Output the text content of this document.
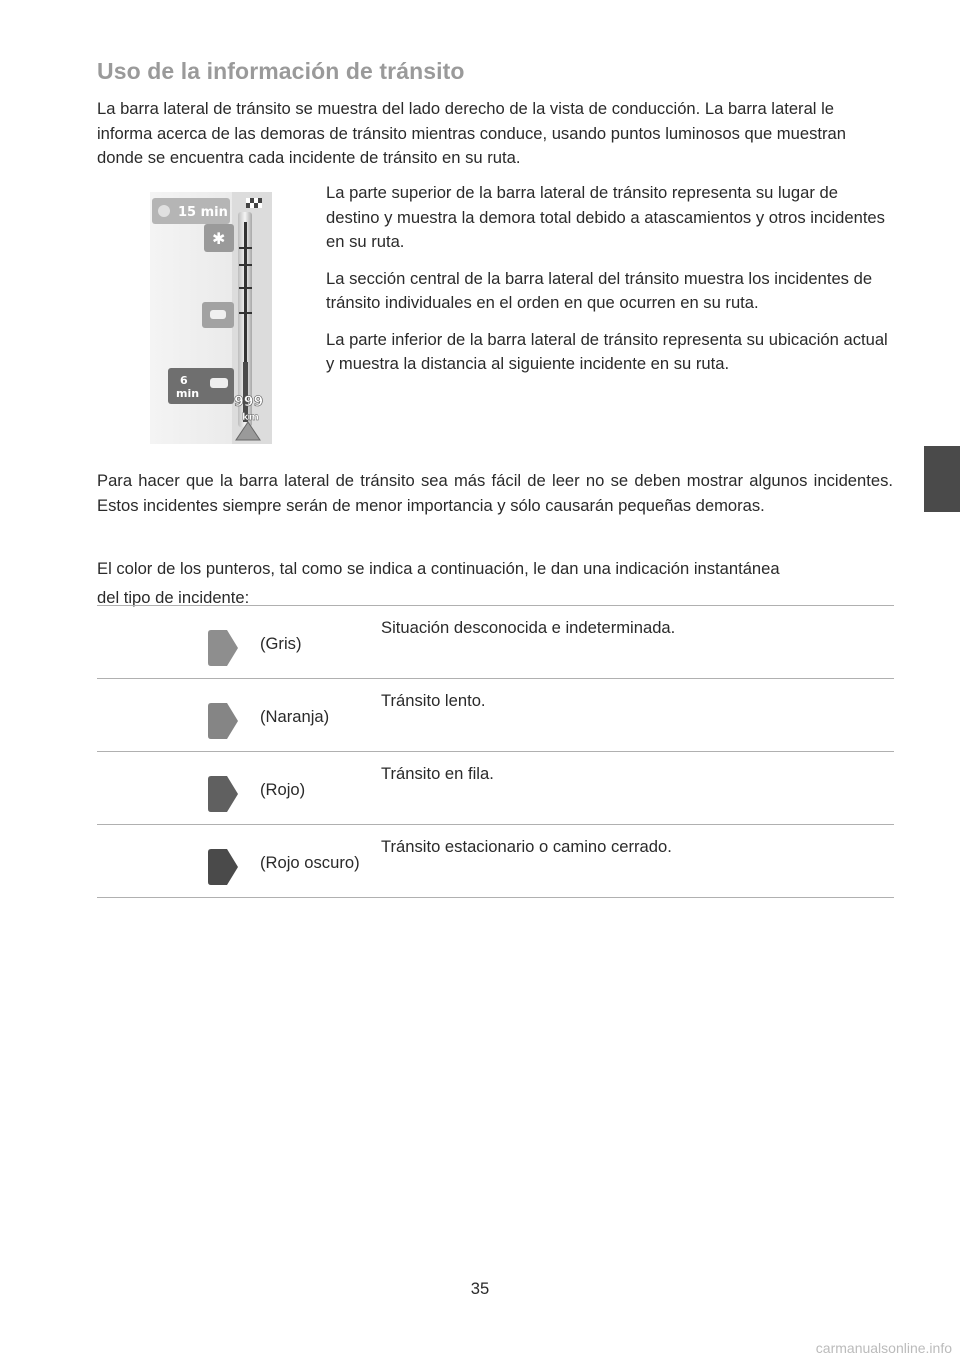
Uso de la información de tránsito

La barra lateral de tránsito se muestra del lado derecho de la vista de conducción. La barra lateral le informa acerca de las demoras de tránsito mientras conduce, usando puntos luminosos que muestran donde se encuentra cada incidente de tránsito en su ruta.

15 min
✱
6
min
999
km

La parte superior de la barra lateral de tránsito representa su lugar de destino y muestra la demora total debido a atascamientos y otros incidentes en su ruta.

La sección central de la barra lateral del tránsito muestra los incidentes de tránsito individuales en el orden en que ocurren en su ruta.

La parte inferior de la barra lateral de tránsito representa su ubicación actual y muestra la distancia al siguiente incidente en su ruta.

Para hacer que la barra lateral de tránsito sea más fácil de leer no se deben mostrar algunos incidentes. Estos incidentes siempre serán de menor importancia y sólo causarán pequeñas demoras.

El color de los punteros, tal como se indica a continuación, le dan una indicación instantánea
del tipo de incidente:

(Gris)
Situación desconocida e indeterminada.
(Naranja)
Tránsito lento.
(Rojo)
Tránsito en fila.
(Rojo oscuro)
Tránsito estacionario o camino cerrado.
35
carmanualsonline.info
